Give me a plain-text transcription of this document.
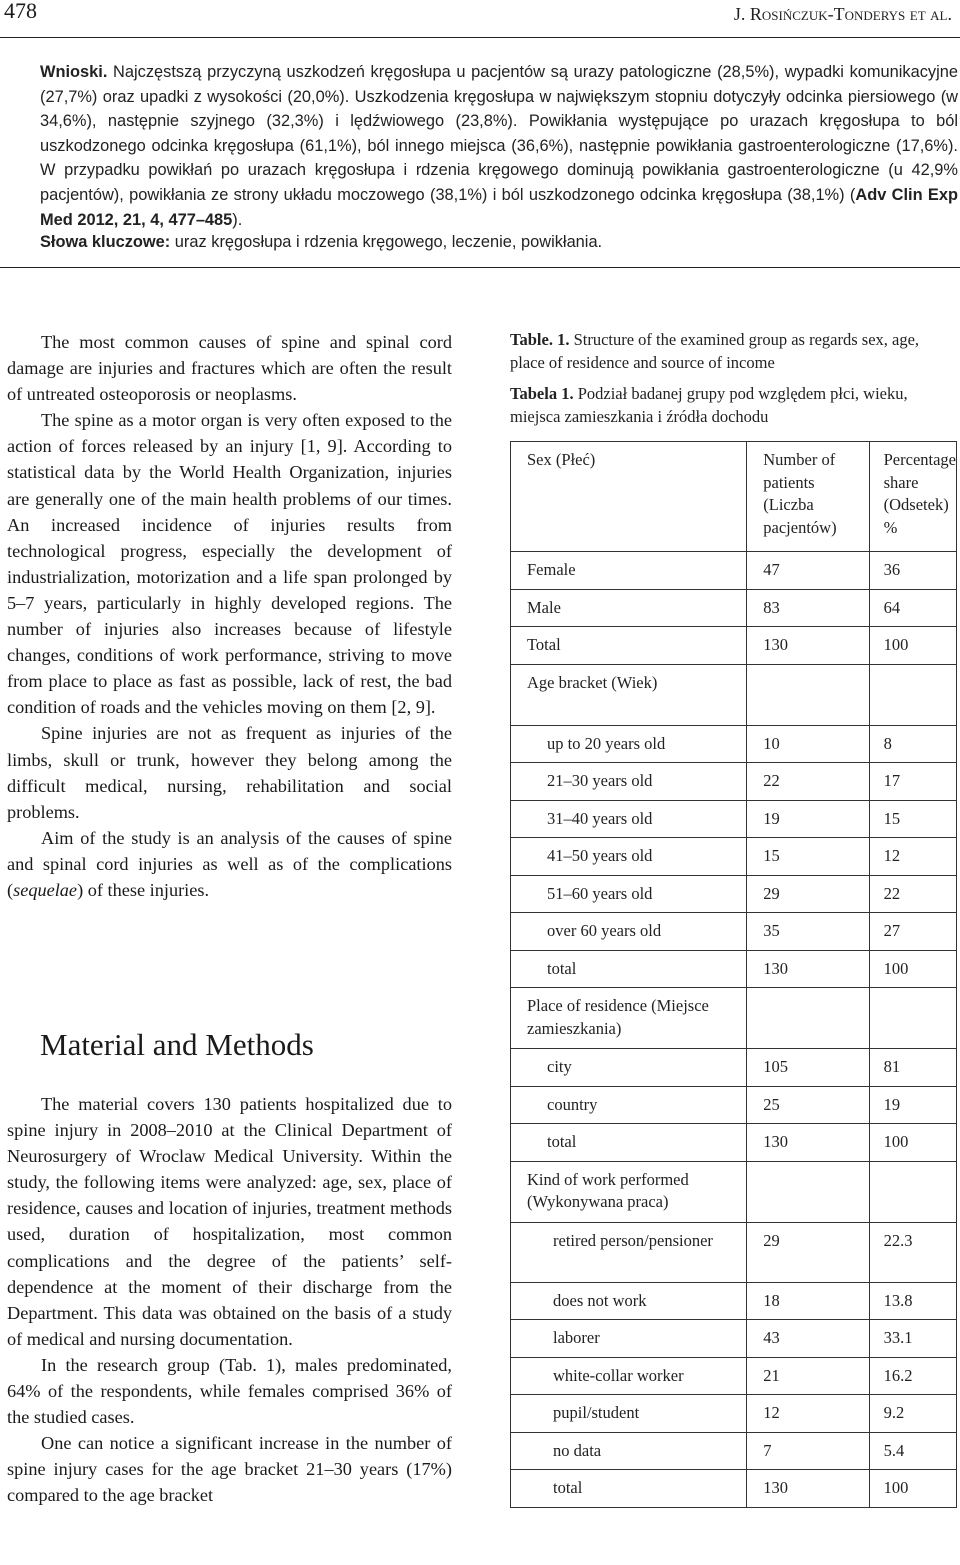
478	J. Rosińczuk-Tonderys et al.
Wnioski. Najczęstszą przyczyną uszkodzeń kręgosłupa u pacjentów są urazy patologiczne (28,5%), wypadki komunikacyjne (27,7%) oraz upadki z wysokości (20,0%). Uszkodzenia kręgosłupa w największym stopniu dotyczyły odcinka piersiowego (w 34,6%), następnie szyjnego (32,3%) i lędźwiowego (23,8%). Powikłania występujące po urazach kręgosłupa to ból uszkodzonego odcinka kręgosłupa (61,1%), ból innego miejsca (36,6%), następnie powikłania gastroenterologiczne (17,6%). W przypadku powikłań po urazach kręgosłupa i rdzenia kręgowego dominują powikłania gastroenterologiczne (u 42,9% pacjentów), powikłania ze strony układu moczowego (38,1%) i ból uszkodzonego odcinka kręgosłupa (38,1%) (Adv Clin Exp Med 2012, 21, 4, 477–485).
Słowa kluczowe: uraz kręgosłupa i rdzenia kręgowego, leczenie, powikłania.

The most common causes of spine and spinal cord damage are injuries and fractures which are often the result of untreated osteoporosis or neoplasms.

The spine as a motor organ is very often exposed to the action of forces released by an injury [1, 9]. According to statistical data by the World Health Organization, injuries are generally one of the main health problems of our times. An increased incidence of injuries results from technological progress, especially the development of industrialization, motorization and a life span prolonged by 5–7 years, particularly in highly developed regions. The number of injuries also increases because of lifestyle changes, conditions of work performance, striving to move from place to place as fast as possible, lack of rest, the bad condition of roads and the vehicles moving on them [2, 9].

Spine injuries are not as frequent as injuries of the limbs, skull or trunk, however they belong among the difficult medical, nursing, rehabilitation and social problems.

Aim of the study is an analysis of the causes of spine and spinal cord injuries as well as of the complications (sequelae) of these injuries.

Material and Methods

The material covers 130 patients hospitalized due to spine injury in 2008–2010 at the Clinical Department of Neurosurgery of Wroclaw Medical University. Within the study, the following items were analyzed: age, sex, place of residence, causes and location of injuries, treatment methods used, duration of hospitalization, most common complications and the degree of the patients’ self-dependence at the moment of their discharge from the Department. This data was obtained on the basis of a study of medical and nursing documentation.

In the research group (Tab. 1), males predominated, 64% of the respondents, while females comprised 36% of the studied cases.

One can notice a significant increase in the number of spine injury cases for the age bracket 21–30 years (17%) compared to the age bracket

Table. 1. Structure of the examined group as regards sex, age, place of residence and source of income
Tabela 1. Podział badanej grupy pod względem płci, wieku, miejsca zamieszkania i źródła dochodu
Sex (Płeć)	Number of patients (Liczba pacjentów)	Percentage share (Odsetek) %
Female	47	36
Male	83	64
Total	130	100
Age bracket (Wiek)		
up to 20 years old	10	8
21–30 years old	22	17
31–40 years old	19	15
41–50 years old	15	12
51–60 years old	29	22
over 60 years old	35	27
total	130	100
Place of residence (Miejsce zamieszkania)		
city	105	81
country	25	19
total	130	100
Kind of work performed (Wykonywana praca)		
retired person/pensioner	29	22.3
does not work	18	13.8
laborer	43	33.1
white-collar worker	21	16.2
pupil/student	12	9.2
no data	7	5.4
total	130	100
